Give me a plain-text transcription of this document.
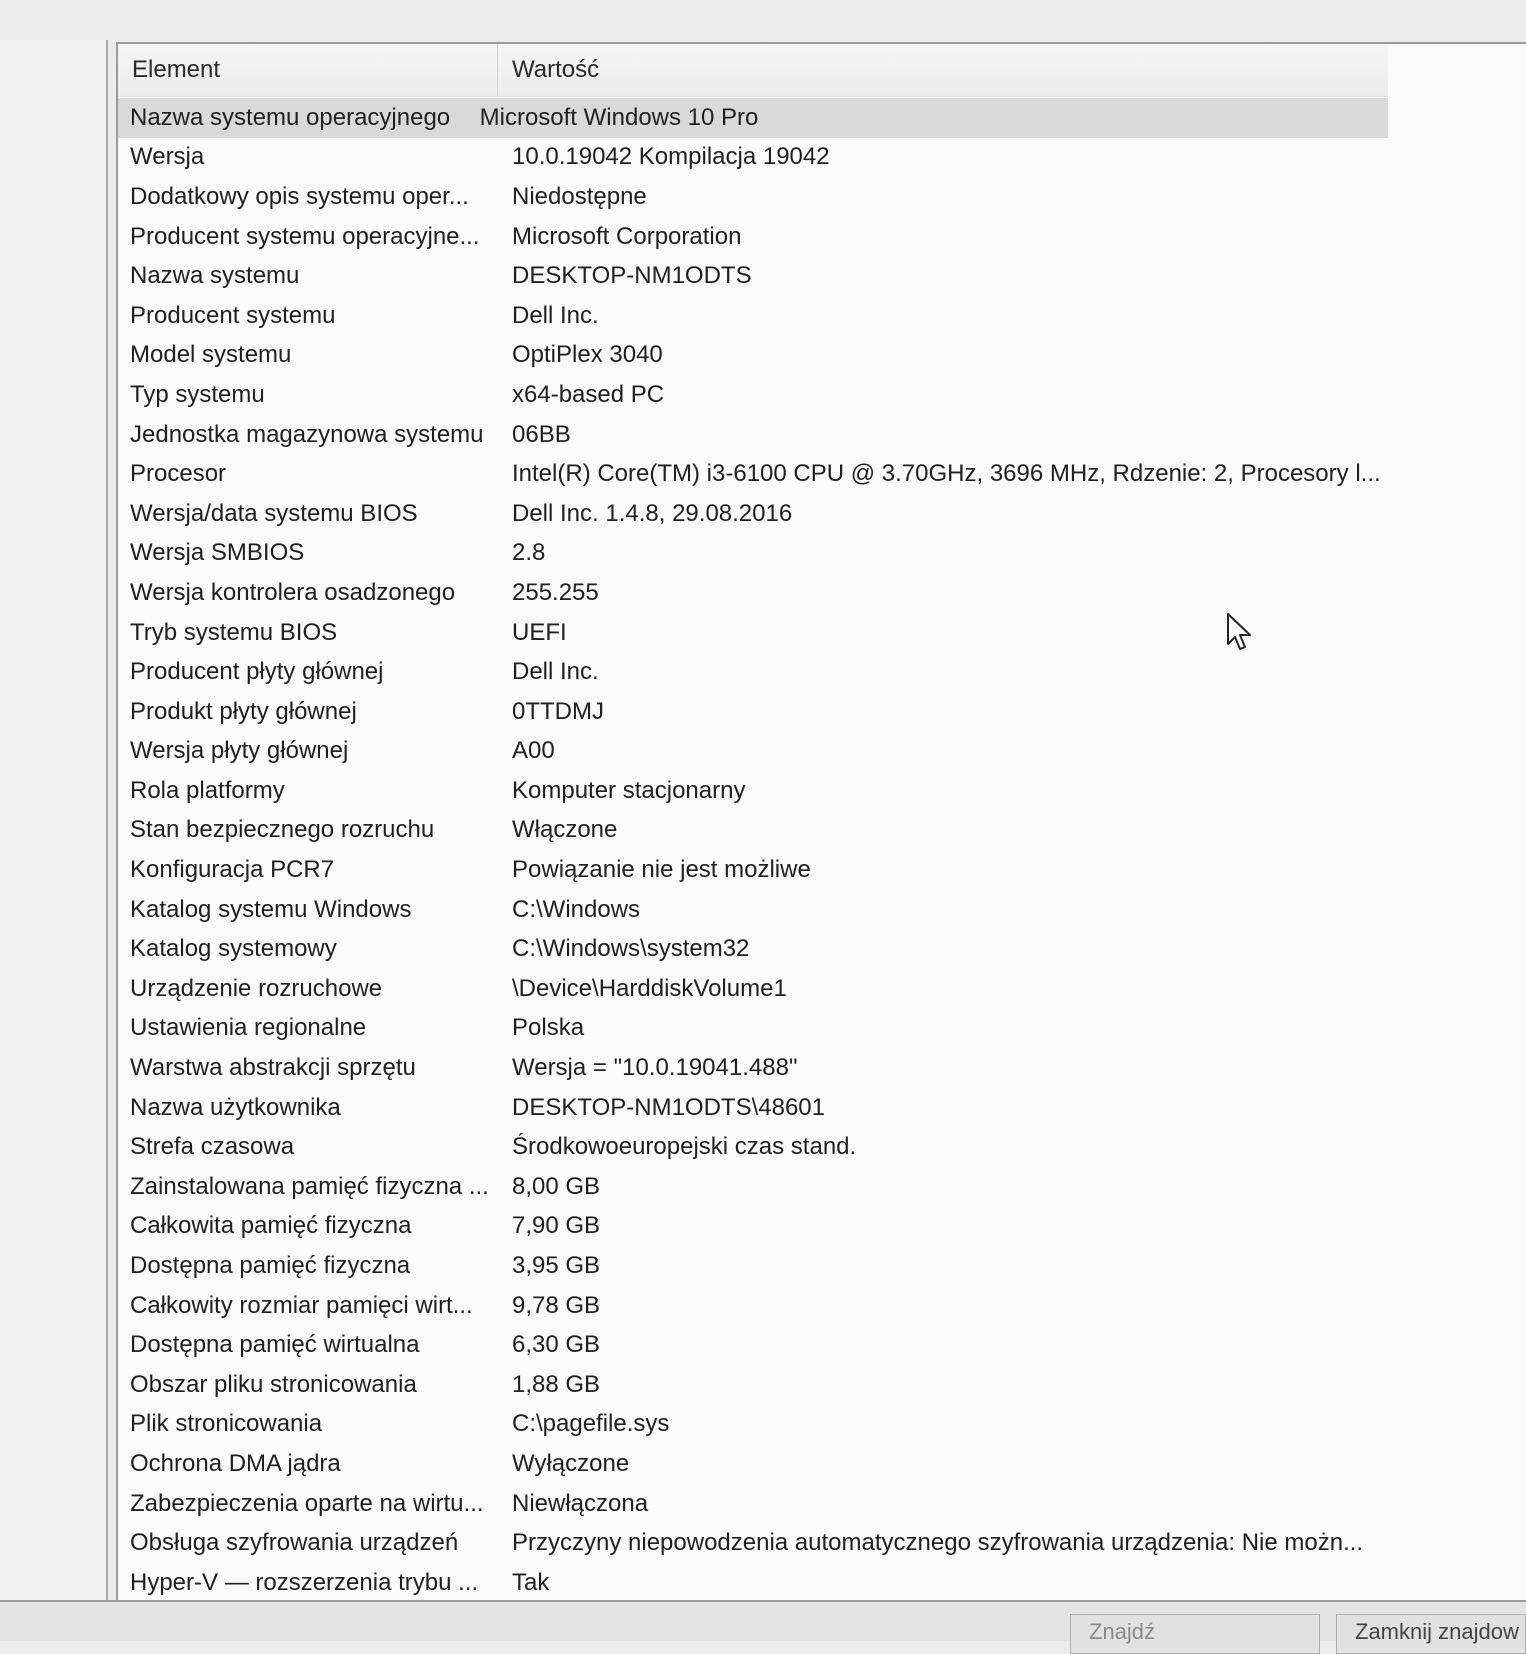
Element	Wartość
Nazwa systemu operacyjnego	Microsoft Windows 10 Pro
Wersja	10.0.19042 Kompilacja 19042
Dodatkowy opis systemu oper...	Niedostępne
Producent systemu operacyjne...	Microsoft Corporation
Nazwa systemu	DESKTOP-NM1ODTS
Producent systemu	Dell Inc.
Model systemu	OptiPlex 3040
Typ systemu	x64-based PC
Jednostka magazynowa systemu	06BB
Procesor	Intel(R) Core(TM) i3-6100 CPU @ 3.70GHz, 3696 MHz, Rdzenie: 2, Procesory l...
Wersja/data systemu BIOS	Dell Inc. 1.4.8, 29.08.2016
Wersja SMBIOS	2.8
Wersja kontrolera osadzonego	255.255
Tryb systemu BIOS	UEFI
Producent płyty głównej	Dell Inc.
Produkt płyty głównej	0TTDMJ
Wersja płyty głównej	A00
Rola platformy	Komputer stacjonarny
Stan bezpiecznego rozruchu	Włączone
Konfiguracja PCR7	Powiązanie nie jest możliwe
Katalog systemu Windows	C:\Windows
Katalog systemowy	C:\Windows\system32
Urządzenie rozruchowe	\Device\HarddiskVolume1
Ustawienia regionalne	Polska
Warstwa abstrakcji sprzętu	Wersja = "10.0.19041.488"
Nazwa użytkownika	DESKTOP-NM1ODTS\48601
Strefa czasowa	Środkowoeuropejski czas stand.
Zainstalowana pamięć fizyczna ... 8,00 GB
Całkowita pamięć fizyczna	7,90 GB
Dostępna pamięć fizyczna	3,95 GB
Całkowity rozmiar pamięci wirt...	9,78 GB
Dostępna pamięć wirtualna	6,30 GB
Obszar pliku stronicowania	1,88 GB
Plik stronicowania	C:\pagefile.sys
Ochrona DMA jądra	Wyłączone
Zabezpieczenia oparte na wirtu...	Niewłączona
Obsługa szyfrowania urządzeń	Przyczyny niepowodzenia automatycznego szyfrowania urządzenia: Nie możn...
Hyper-V — rozszerzenia trybu ...	Tak
Znajdź	Zamknij znajdow
